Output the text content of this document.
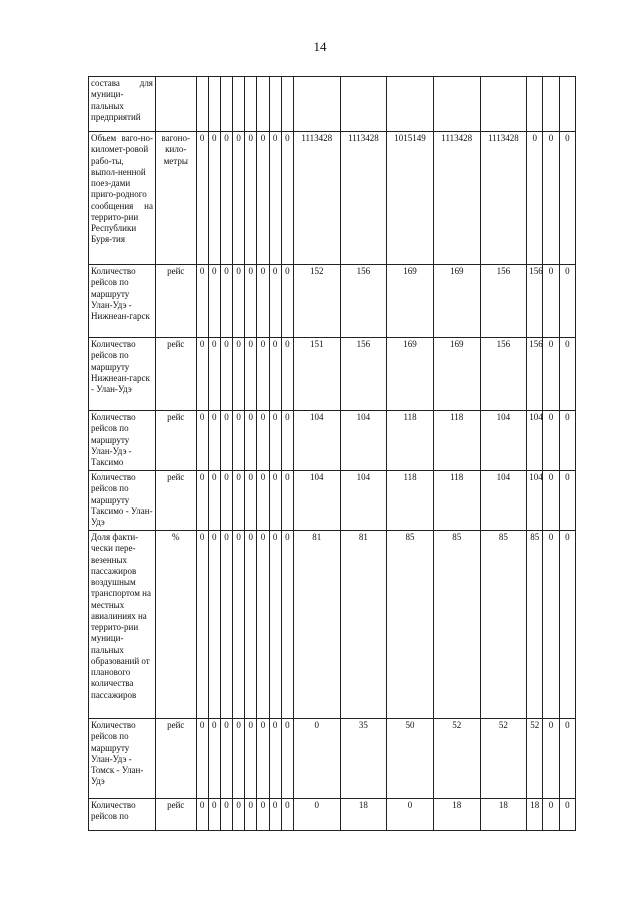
14
состава для муници-пальных предприятий																	
Объем ваго-но-километ-ровой рабо-ты, выпол-ненной поез-дами приго-родного сообщения на террито-рии Республики Буря-тия	вагоно-кило-метры	0	0	0	0	0	0	0	0	1113428	1113428	1015149	1113428	1113428	0	0	0
Количество рейсов по маршруту Улан-Удэ - Нижнеан-гарск	рейс	0	0	0	0	0	0	0	0	152	156	169	169	156	156	0	0
Количество рейсов по маршруту Нижнеан-гарск - Улан-Удэ	рейс	0	0	0	0	0	0	0	0	151	156	169	169	156	156	0	0
Количество рейсов по маршруту Улан-Удэ - Таксимо	рейс	0	0	0	0	0	0	0	0	104	104	118	118	104	104	0	0
Количество рейсов по маршруту Таксимо - Улан-Удэ	рейс	0	0	0	0	0	0	0	0	104	104	118	118	104	104	0	0
Доля факти-чески пере-везенных пассажиров воздушным транспортом на местных авиалиниях на террито-рии муници-пальных образований от планового количества пассажиров	%	0	0	0	0	0	0	0	0	81	81	85	85	85	85	0	0
Количество рейсов по маршруту Улан-Удэ - Томск - Улан-Удэ	рейс	0	0	0	0	0	0	0	0	0	35	50	52	52	52	0	0
Количество рейсов по	рейс	0	0	0	0	0	0	0	0	0	18	0	18	18	18	0	0
